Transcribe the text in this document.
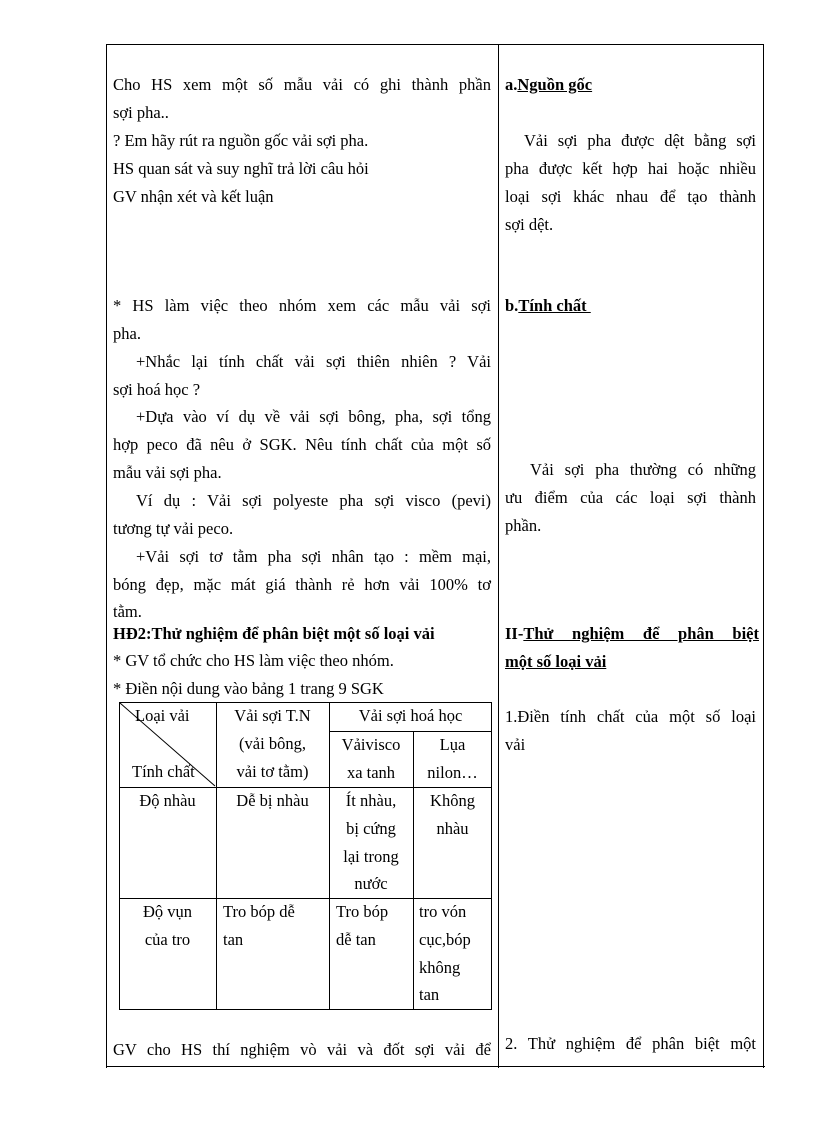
Cho HS xem một số mẫu vải có ghi thành phần
sợi pha..
? Em hãy rút ra nguồn gốc vải sợi pha.
HS quan sát và suy nghĩ trả lời câu hỏi
GV nhận xét và kết luận
* HS làm việc theo nhóm xem các mẫu vải sợi
pha.
+Nhắc lại tính chất vải sợi thiên nhiên ? Vải
sợi hoá học ?
+Dựa vào ví dụ về vải sợi bông, pha, sợi tổng
hợp peco đã nêu ở SGK. Nêu tính chất của một số
mẫu vải sợi pha.
Ví dụ : Vải sợi polyeste pha sợi visco (pevi)
tương tự vải peco.
+Vải sợi tơ tằm pha sợi nhân tạo : mềm mại,
bóng đẹp, mặc mát giá thành rẻ hơn vải 100% tơ
tằm.
HĐ2:Thử nghiệm để phân biệt một số loại vải
* GV tổ chức cho HS làm việc theo nhóm.
* Điền nội dung vào bảng 1 trang 9 SGK
Loại vải
Tính chất
Vải sợi T.N
(vải bông,
vải tơ tằm)
Vải sợi hoá học
Vảivisco
xa tanh
Lụa
nilon…
Độ nhàu	Dễ bị nhàu	Ít nhàu,
bị cứng
lại trong
nước
Không
nhàu
Độ vụn
của tro
Tro bóp dễ
tan
Tro bóp
dễ tan
tro vón
cục,bóp
không
tan
GV cho HS thí nghiệm vò vải và đốt sợi vải để
a.Nguồn gốc
Vải sợi pha được dệt bằng sợi
pha được kết hợp hai hoặc nhiều
loại sợi khác nhau để tạo thành
sợi dệt.
b.Tính chất
Vải sợi pha thường có những
ưu điểm của các loại sợi thành
phần.
II-Thử nghiệm để phân biệt
một số loại vải
1.Điền tính chất của một số loại
vải
2. Thử nghiệm để phân biệt một
